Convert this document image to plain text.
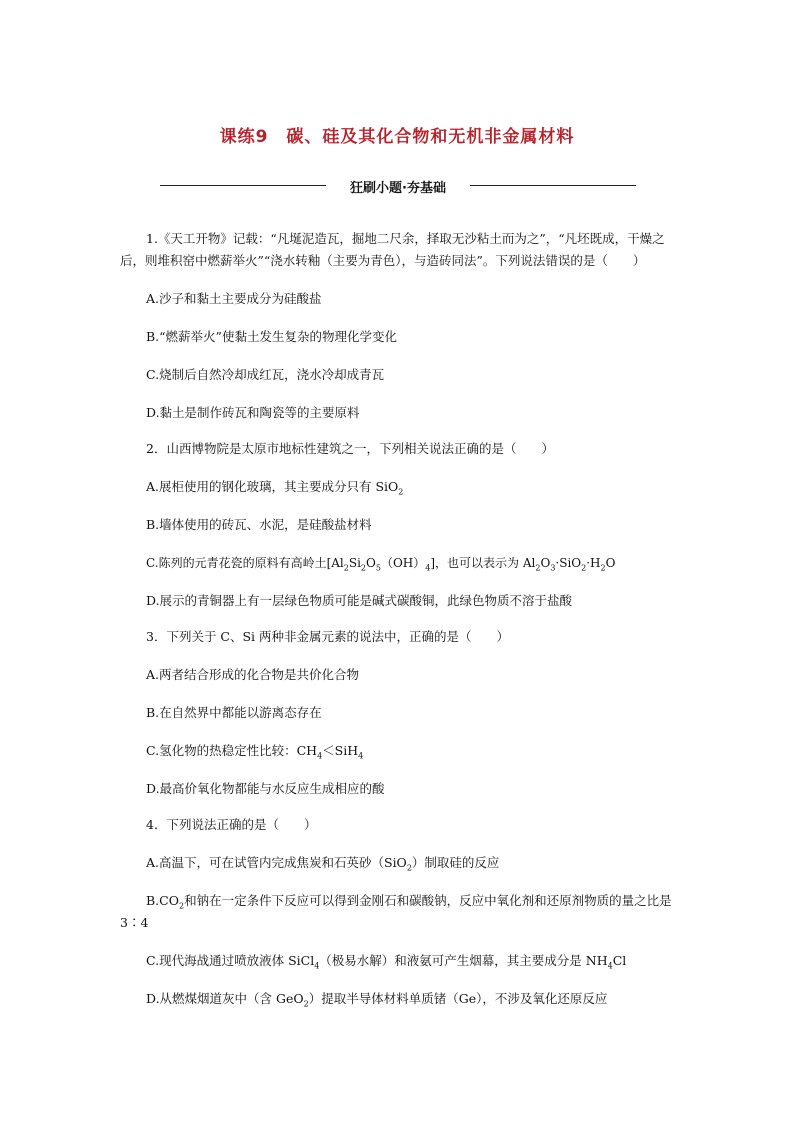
课练9　碳、硅及其化合物和无机非金属材料
狂刷小题·夯基础

1.《天工开物》记载：“凡埏泥造瓦，掘地二尺余，择取无沙粘土而为之”，“凡坯既成，干燥之后，则堆积窑中燃薪举火”“浇水转釉（主要为青色），与造砖同法”。下列说法错误的是（　　）

A.沙子和黏土主要成分为硅酸盐

B.“燃薪举火”使黏土发生复杂的物理化学变化

C.烧制后自然冷却成红瓦，浇水冷却成青瓦

D.黏土是制作砖瓦和陶瓷等的主要原料

2．山西博物院是太原市地标性建筑之一，下列相关说法正确的是（　　）

A.展柜使用的钢化玻璃，其主要成分只有 SiO$_2$

B.墙体使用的砖瓦、水泥，是硅酸盐材料

C.陈列的元青花瓷的原料有高岭土$[Al_2Si_2O_5(OH)_4]$，也可以表示为 $Al_2O_3\cdot SiO_2\cdot H_2O$

D.展示的青铜器上有一层绿色物质可能是碱式碳酸铜，此绿色物质不溶于盐酸

3．下列关于 C、Si 两种非金属元素的说法中，正确的是（　　）

A.两者结合形成的化合物是共价化合物

B.在自然界中都能以游离态存在

C.氢化物的热稳定性比较：$CH_4<SiH_4$

D.最高价氧化物都能与水反应生成相应的酸

4．下列说法正确的是（　　）

A.高温下，可在试管内完成焦炭和石英砂（SiO$_2$）制取硅的反应

$B.CO_2$和钠在一定条件下反应可以得到金刚石和碳酸钠，反应中氧化剂和还原剂物质的量之比是 3∶4

C.现代海战通过喷放液体 SiCl$_4$（极易水解）和液氨可产生烟幕，其主要成分是 $NH_4Cl$

D.从燃煤烟道灰中（含 GeO$_2$）提取半导体材料单质锗（Ge），不涉及氧化还原反应
